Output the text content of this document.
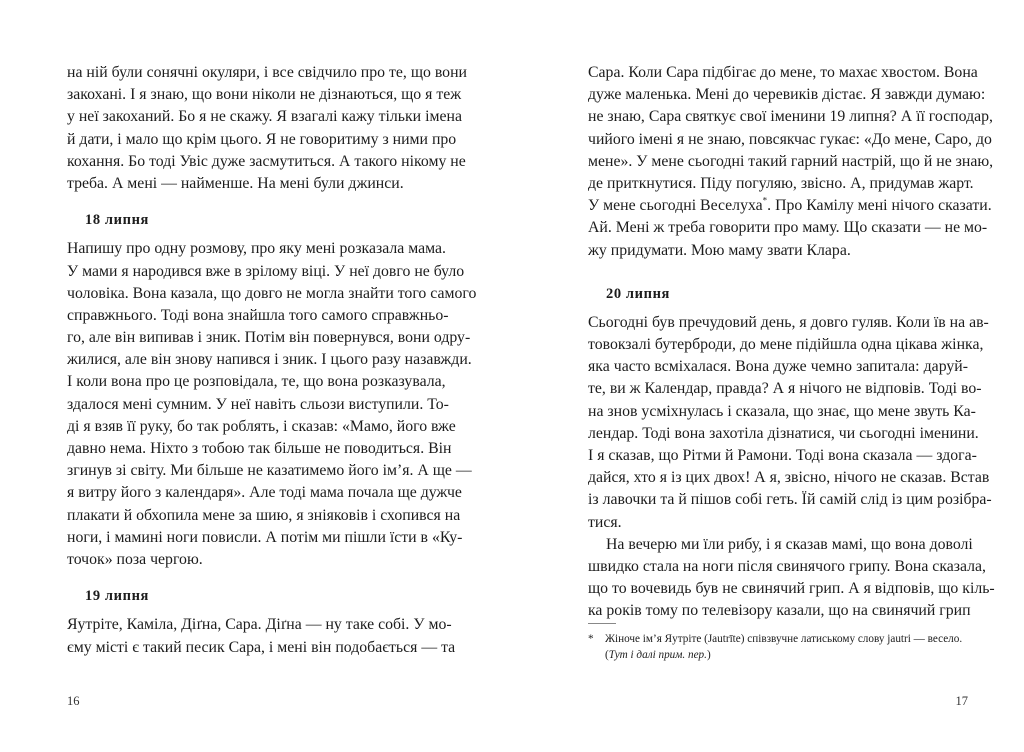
на ній були сонячні окуляри, і все свідчило про те, що вони
закохані. І я знаю, що вони ніколи не дізнаються, що я теж
у неї закоханий. Бо я не скажу. Я взагалі кажу тільки імена
й дати, і мало що крім цього. Я не говоритиму з ними про
кохання. Бо тоді Увіс дуже засмутиться. А такого нікому не
треба. А мені — найменше. На мені були джинси.
18 липня
Напишу про одну розмову, про яку мені розказала мама.
У мами я народився вже в зрілому віці. У неї довго не було
чоловіка. Вона казала, що довго не могла знайти того самого
справжнього. Тоді вона знайшла того самого справжньо-
го, але він випивав і зник. Потім він повернувся, вони одру-
жилися, але він знову напився і зник. І цього разу назавжди.
І коли вона про це розповідала, те, що вона розказувала,
здалося мені сумним. У неї навіть сльози виступили. То-
ді я взяв її руку, бо так роблять, і сказав: «Мамо, його вже
давно нема. Ніхто з тобою так більше не поводиться. Він
згинув зі світу. Ми більше не казатимемо його ім’я. А ще —
я витру його з календаря». Але тоді мама почала ще дужче
плакати й обхопила мене за шию, я зніяковів і схопився на
ноги, і мамині ноги повисли. А потім ми пішли їсти в «Ку-
точок» поза чергою.
19 липня
Яутріте, Каміла, Діґна, Сара. Діґна — ну таке собі. У мо-
єму місті є такий песик Сара, і мені він подобається — та
16
Сара. Коли Сара підбігає до мене, то махає хвостом. Вона
дуже маленька. Мені до черевиків дістає. Я завжди думаю:
не знаю, Сара святкує свої іменини 19 липня? А її господар,
чийого імені я не знаю, повсякчас гукає: «До мене, Саро, до
мене». У мене сьогодні такий гарний настрій, що й не знаю,
де приткнутися. Піду погуляю, звісно. А, придумав жарт.
У мене сьогодні Веселуха*. Про Камілу мені нічого сказати.
Ай. Мені ж треба говорити про маму. Що сказати — не мо-
жу придумати. Мою маму звати Клара.
20 липня
Сьогодні був пречудовий день, я довго гуляв. Коли їв на ав-
товокзалі бутерброди, до мене підійшла одна цікава жінка,
яка часто всміхалася. Вона дуже чемно запитала: даруй-
те, ви ж Календар, правда? А я нічого не відповів. Тоді во-
на знов усміхнулась і сказала, що знає, що мене звуть Ка-
лендар. Тоді вона захотіла дізнатися, чи сьогодні іменини.
І я сказав, що Рітми й Рамони. Тоді вона сказала — здога-
дайся, хто я із цих двох! А я, звісно, нічого не сказав. Встав
із лавочки та й пішов собі геть. Їй самій слід із цим розібра-
тися.
На вечерю ми їли рибу, і я сказав мамі, що вона доволі
швидко стала на ноги після свинячого грипу. Вона сказала,
що то вочевидь був не свинячий грип. А я відповів, що кіль-
ка років тому по телевізору казали, що на свинячий грип
* Жіноче ім’я Яутріте (Jautrīte) співзвучне латиському слову jautri — весело.
(Тут і далі прим. пер.)
17
